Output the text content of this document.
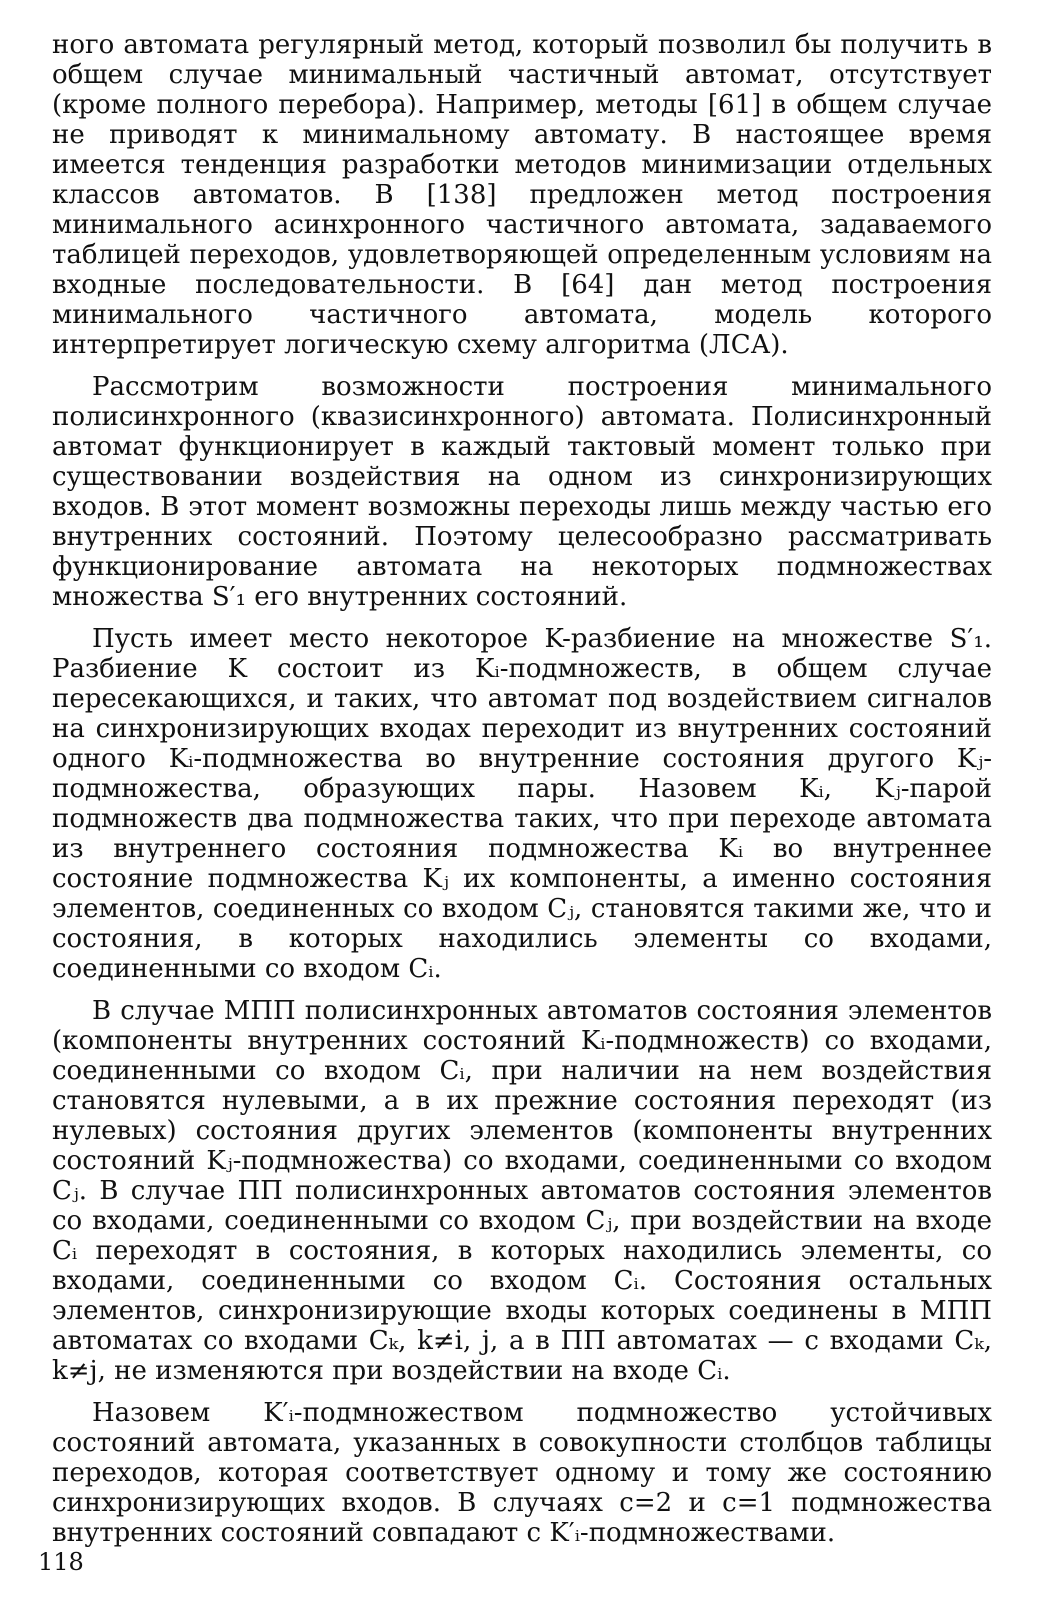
ного автомата регулярный метод, который позволил бы получить в общем случае минимальный частичный автомат, отсутствует (кроме полного перебора). Например, методы [61] в общем случае не приводят к минимальному автомату. В настоящее время имеется тенденция разработки методов минимизации отдельных классов автоматов. В [138] предложен метод построения минимального асинхронного частичного автомата, задаваемого таблицей переходов, удовлетворяющей определенным условиям на входные последовательности. В [64] дан метод построения минимального частичного автомата, модель которого интерпретирует логическую схему алгоритма (ЛСА).

Рассмотрим возможности построения минимального полисинхронного (квазисинхронного) автомата. Полисинхронный автомат функционирует в каждый тактовый момент только при существовании воздействия на одном из синхронизирующих входов. В этот момент возможны переходы лишь между частью его внутренних состояний. Поэтому целесообразно рассматривать функционирование автомата на некоторых подмножествах множества S′₁ его внутренних состояний.

Пусть имеет место некоторое K-разбиение на множестве S′₁. Разбиение K состоит из Kᵢ-подмножеств, в общем случае пересекающихся, и таких, что автомат под воздействием сигналов на синхронизирующих входах переходит из внутренних состояний одного Kᵢ-подмножества во внутренние состояния другого Kⱼ-подмножества, образующих пары. Назовем Kᵢ, Kⱼ-парой подмножеств два подмножества таких, что при переходе автомата из внутреннего состояния подмножества Kᵢ во внутреннее состояние подмножества Kⱼ их компоненты, а именно состояния элементов, соединенных со входом Cⱼ, становятся такими же, что и состояния, в которых находились элементы со входами, соединенными со входом Cᵢ.

В случае МПП полисинхронных автоматов состояния элементов (компоненты внутренних состояний Kᵢ-подмножеств) со входами, соединенными со входом Cᵢ, при наличии на нем воздействия становятся нулевыми, а в их прежние состояния переходят (из нулевых) состояния других элементов (компоненты внутренних состояний Kⱼ-подмножества) со входами, соединенными со входом Cⱼ. В случае ПП полисинхронных автоматов состояния элементов со входами, соединенными со входом Cⱼ, при воздействии на входе Cᵢ переходят в состояния, в которых находились элементы, со входами, соединенными со входом Cᵢ. Состояния остальных элементов, синхронизирующие входы которых соединены в МПП автоматах со входами Cₖ, k≠i, j, а в ПП автоматах — с входами Cₖ, k≠j, не изменяются при воздействии на входе Cᵢ.

Назовем K′ᵢ-подмножеством подмножество устойчивых состояний автомата, указанных в совокупности столбцов таблицы переходов, которая соответствует одному и тому же состоянию синхронизирующих входов. В случаях c=2 и c=1 подмножества внутренних состояний совпадают с K′ᵢ-подмножествами.

118
